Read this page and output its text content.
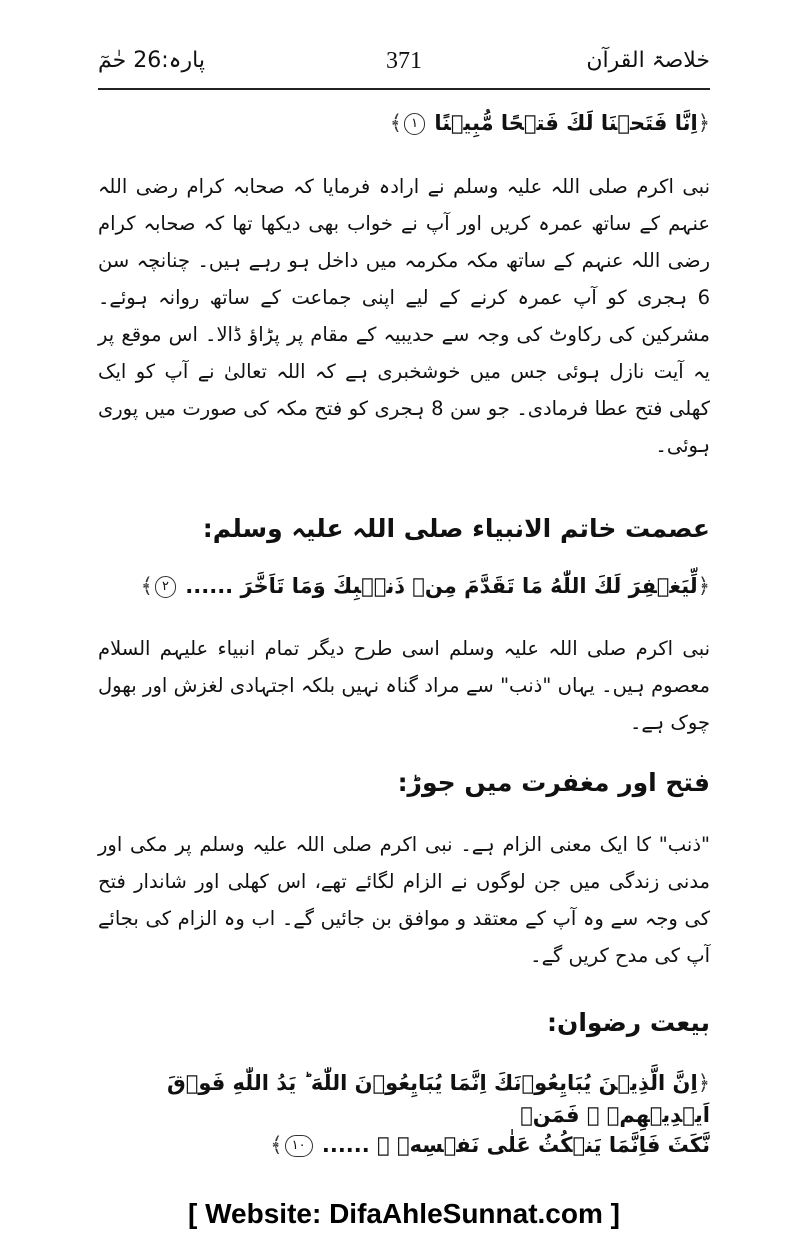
خلاصۃ القرآن
371
پارہ:26 حٰمٓ
﴿اِنَّا فَتَحۡنَا لَكَ فَتۡحًا مُّبِيۡنًا ١﴾

نبی اکرم صلی اللہ علیہ وسلم نے ارادہ فرمایا کہ صحابہ کرام رضی اللہ عنہم کے ساتھ عمرہ کریں اور آپ نے خواب بھی دیکھا تھا کہ صحابہ کرام رضی اللہ عنہم کے ساتھ مکہ مکرمہ میں داخل ہو رہے ہیں۔ چنانچہ سن 6 ہجری کو آپ عمرہ کرنے کے لیے اپنی جماعت کے ساتھ روانہ ہوئے۔ مشرکین کی رکاوٹ کی وجہ سے حدیبیہ کے مقام پر پڑاؤ ڈالا۔ اس موقع پر یہ آیت نازل ہوئی جس میں خوشخبری ہے کہ اللہ تعالیٰ نے آپ کو ایک کھلی فتح عطا فرمادی۔ جو سن 8 ہجری کو فتح مکہ کی صورت میں پوری ہوئی۔

عصمت خاتم الانبیاء صلی اللہ علیہ وسلم:
﴿لِّيَغۡفِرَ لَكَ اللّٰهُ مَا تَقَدَّمَ مِنۡ ذَنۡۢبِكَ وَمَا تَاَخَّرَ ...... ٢﴾

نبی اکرم صلی اللہ علیہ وسلم اسی طرح دیگر تمام انبیاء علیہم السلام معصوم ہیں۔ یہاں "ذنب" سے مراد گناہ نہیں بلکہ اجتہادی لغزش اور بھول چوک ہے۔

فتح اور مغفرت میں جوڑ:

"ذنب" کا ایک معنی الزام ہے۔ نبی اکرم صلی اللہ علیہ وسلم پر مکی اور مدنی زندگی میں جن لوگوں نے الزام لگائے تھے، اس کھلی اور شاندار فتح کی وجہ سے وہ آپ کے معتقد و موافق بن جائیں گے۔ اب وہ الزام کی بجائے آپ کی مدح کریں گے۔

بیعت رضوان:
﴿اِنَّ الَّذِيۡنَ يُبَايِعُوۡنَكَ اِنَّمَا يُبَايِعُوۡنَ اللّٰهَ ؕ يَدُ اللّٰهِ فَوۡقَ اَيۡدِيۡهِمۡ ۚ فَمَنۡ
نَّكَثَ فَاِنَّمَا يَنۡكُثُ عَلٰى نَفۡسِهٖ ۚ ...... ١٠﴾
[ Website: DifaAhleSunnat.com ]
